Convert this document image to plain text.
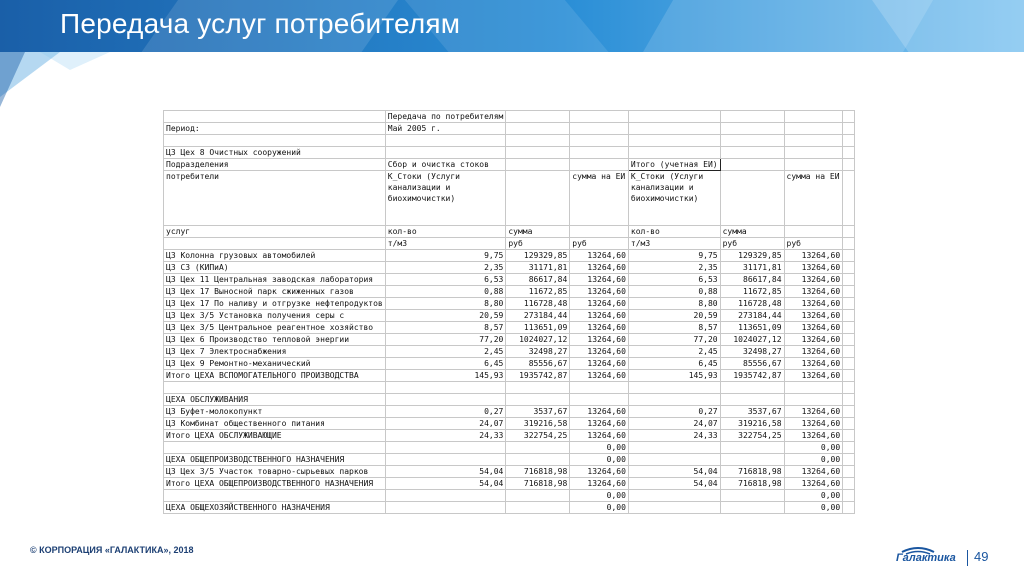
Передача услуг потребителям
	Передача по потребителям						
Период:	Май 2005 г.						

ЦЗ Цех 8 Очистных сооружений							
Подразделения	Сбор и очистка стоков			Итого (учетная ЕИ)			
потребители	К_Стоки (Услуги канализации и биохимочистки)		сумма на ЕИ	К_Стоки (Услуги канализации и биохимочистки)		сумма на ЕИ	
услуг	кол-во	сумма		кол-во	сумма		
	т/м3	руб	руб	т/м3	руб	руб	
ЦЗ Колонна грузовых автомобилей	9,75	129329,85	13264,60	9,75	129329,85	13264,60	
ЦЗ СЗ (КИПиА)	2,35	31171,81	13264,60	2,35	31171,81	13264,60	
ЦЗ Цех 11 Центральная заводская лаборатория	6,53	86617,84	13264,60	6,53	86617,84	13264,60	
ЦЗ Цех 17 Выносной парк сжиженных газов	0,88	11672,85	13264,60	0,88	11672,85	13264,60	
ЦЗ Цех 17 По наливу и отгрузке нефтепродуктов	8,80	116728,48	13264,60	8,80	116728,48	13264,60	
ЦЗ Цех 3/5 Установка получения серы с	20,59	273184,44	13264,60	20,59	273184,44	13264,60	
ЦЗ Цех 3/5 Центральное реагентное хозяйство	8,57	113651,09	13264,60	8,57	113651,09	13264,60	
ЦЗ Цех 6 Производство тепловой энергии	77,20	1024027,12	13264,60	77,20	1024027,12	13264,60	
ЦЗ Цех 7 Электроснабжения	2,45	32498,27	13264,60	2,45	32498,27	13264,60	
ЦЗ Цех 9 Ремонтно-механический	6,45	85556,67	13264,60	6,45	85556,67	13264,60	
Итого ЦЕХА ВСПОМОГАТЕЛЬНОГО ПРОИЗВОДСТВА	145,93	1935742,87	13264,60	145,93	1935742,87	13264,60	

ЦЕХА ОБСЛУЖИВАНИЯ							
ЦЗ Буфет-молокопункт	0,27	3537,67	13264,60	0,27	3537,67	13264,60	
ЦЗ Комбинат общественного питания	24,07	319216,58	13264,60	24,07	319216,58	13264,60	
Итого ЦЕХА ОБСЛУЖИВАЮЩИЕ	24,33	322754,25	13264,60	24,33	322754,25	13264,60	
			0,00			0,00	
ЦЕХА ОБЩЕПРОИЗВОДСТВЕННОГО НАЗНАЧЕНИЯ			0,00			0,00	
ЦЗ Цех 3/5 Участок товарно-сырьевых парков	54,04	716818,98	13264,60	54,04	716818,98	13264,60	
Итого ЦЕХА ОБЩЕПРОИЗВОДСТВЕННОГО НАЗНАЧЕНИЯ	54,04	716818,98	13264,60	54,04	716818,98	13264,60	
			0,00			0,00	
ЦЕХА ОБЩЕХОЗЯЙСТВЕННОГО НАЗНАЧЕНИЯ			0,00			0,00	
© КОРПОРАЦИЯ «ГАЛАКТИКА», 2018
Галактика 49
